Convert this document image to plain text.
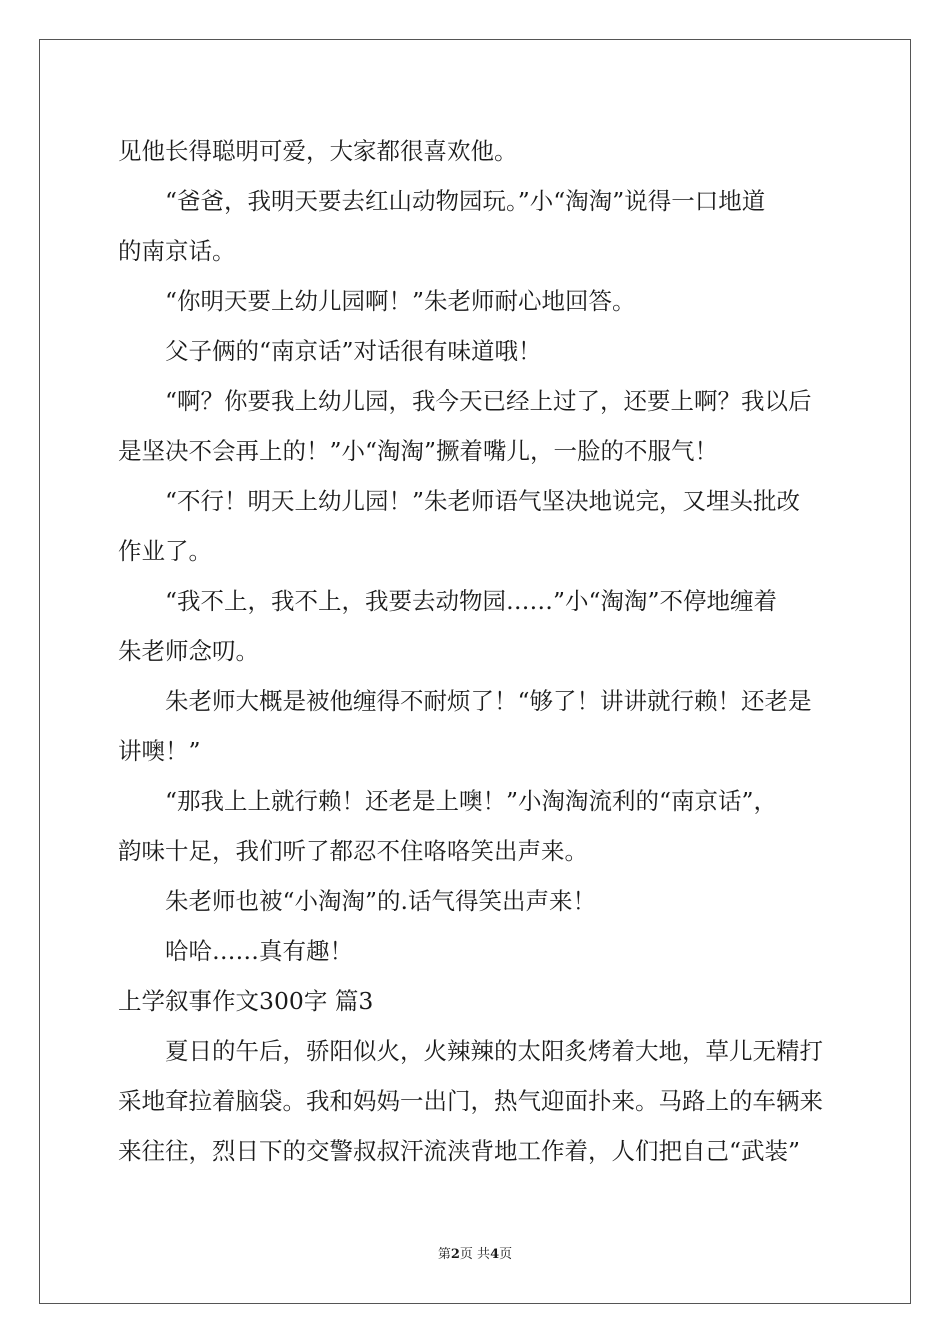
见他长得聪明可爱，大家都很喜欢他。
“爸爸，我明天要去红山动物园玩。”小“淘淘”说得一口地道
的南京话。
“你明天要上幼儿园啊！”朱老师耐心地回答。
父子俩的“南京话”对话很有味道哦！
“啊？你要我上幼儿园，我今天已经上过了，还要上啊？我以后
是坚决不会再上的！”小“淘淘”撅着嘴儿，一脸的不服气！
“不行！明天上幼儿园！”朱老师语气坚决地说完，又埋头批改
作业了。
“我不上，我不上，我要去动物园……”小“淘淘”不停地缠着
朱老师念叨。
朱老师大概是被他缠得不耐烦了！“够了！讲讲就行赖！还老是
讲噢！”
“那我上上就行赖！还老是上噢！”小淘淘流利的“南京话”，
韵味十足，我们听了都忍不住咯咯笑出声来。
朱老师也被“小淘淘”的.话气得笑出声来！
哈哈……真有趣！
上学叙事作文300字 篇3
夏日的午后，骄阳似火，火辣辣的太阳炙烤着大地，草儿无精打
采地耷拉着脑袋。我和妈妈一出门，热气迎面扑来。马路上的车辆来
来往往，烈日下的交警叔叔汗流浃背地工作着，人们把自己“武装”
第2页 共4页
